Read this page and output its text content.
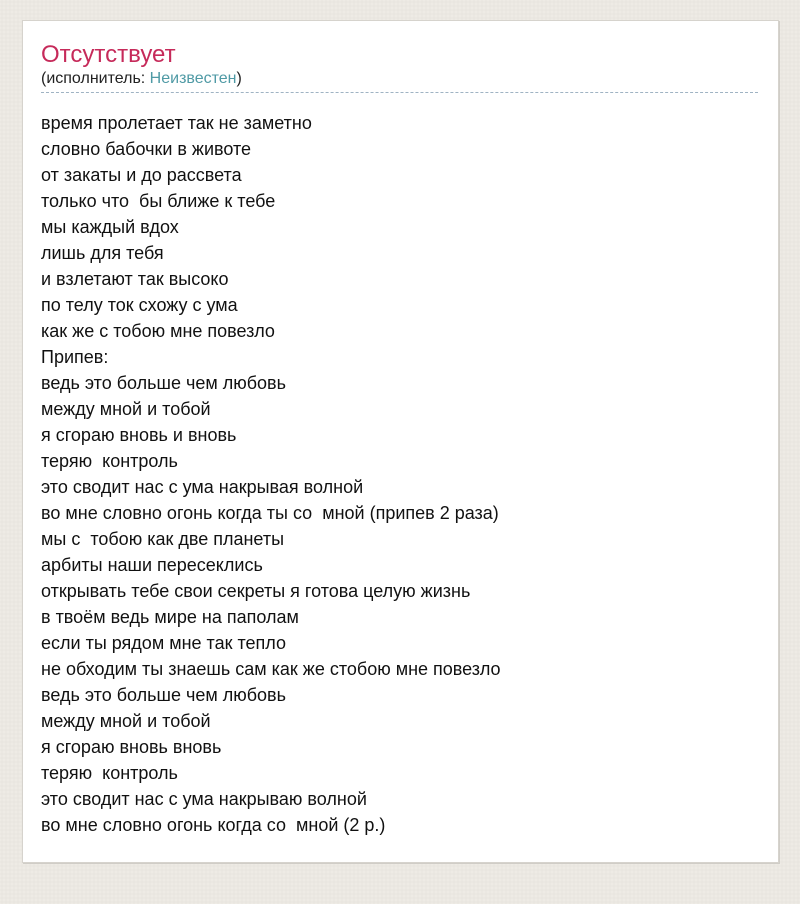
Отсутствует
(исполнитель: Неизвестен)
время пролетает так не заметно
словно бабочки в животе
от закаты и до рассвета
только что  бы ближе к тебе
мы каждый вдох
лишь для тебя
и взлетают так высоко
по телу ток схожу с ума
как же с тобою мне повезло
Припев:
ведь это больше чем любовь
между мной и тобой
я сгораю вновь и вновь
теряю  контроль
это сводит нас с ума накрывая волной
во мне словно огонь когда ты со  мной (припев 2 раза)
мы с  тобою как две планеты
арбиты наши пересеклись
открывать тебе свои секреты я готова целую жизнь
в твоём ведь мире на паполам
если ты рядом мне так тепло
не обходим ты знаешь сам как же стобою мне повезло
ведь это больше чем любовь
между мной и тобой
я сгораю вновь вновь
теряю  контроль
это сводит нас с ума накрываю волной
во мне словно огонь когда со  мной (2 р.)
